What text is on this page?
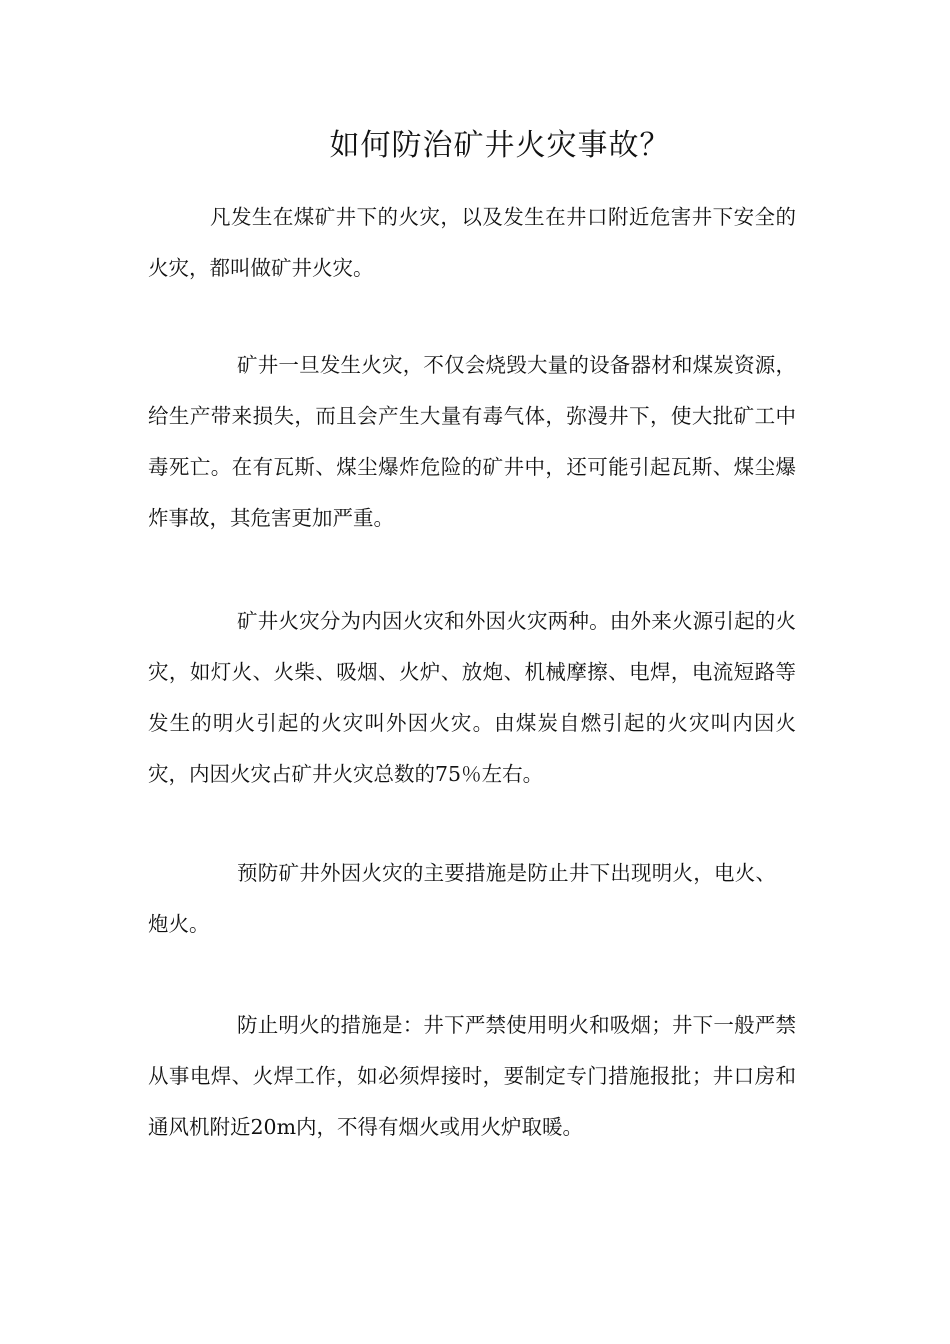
如何防治矿井火灾事故？

凡发生在煤矿井下的火灾，以及发生在井口附近危害井下安全的火灾，都叫做矿井火灾。

矿井一旦发生火灾，不仅会烧毁大量的设备器材和煤炭资源，给生产带来损失，而且会产生大量有毒气体，弥漫井下，使大批矿工中毒死亡。在有瓦斯、煤尘爆炸危险的矿井中，还可能引起瓦斯、煤尘爆炸事故，其危害更加严重。

矿井火灾分为内因火灾和外因火灾两种。由外来火源引起的火灾，如灯火、火柴、吸烟、火炉、放炮、机械摩擦、电焊，电流短路等发生的明火引起的火灾叫外因火灾。由煤炭自燃引起的火灾叫内因火灾，内因火灾占矿井火灾总数的75％左右。

预防矿井外因火灾的主要措施是防止井下出现明火，电火、炮火。

防止明火的措施是：井下严禁使用明火和吸烟；井下一般严禁从事电焊、火焊工作，如必须焊接时，要制定专门措施报批；井口房和通风机附近20m内，不得有烟火或用火炉取暖。
